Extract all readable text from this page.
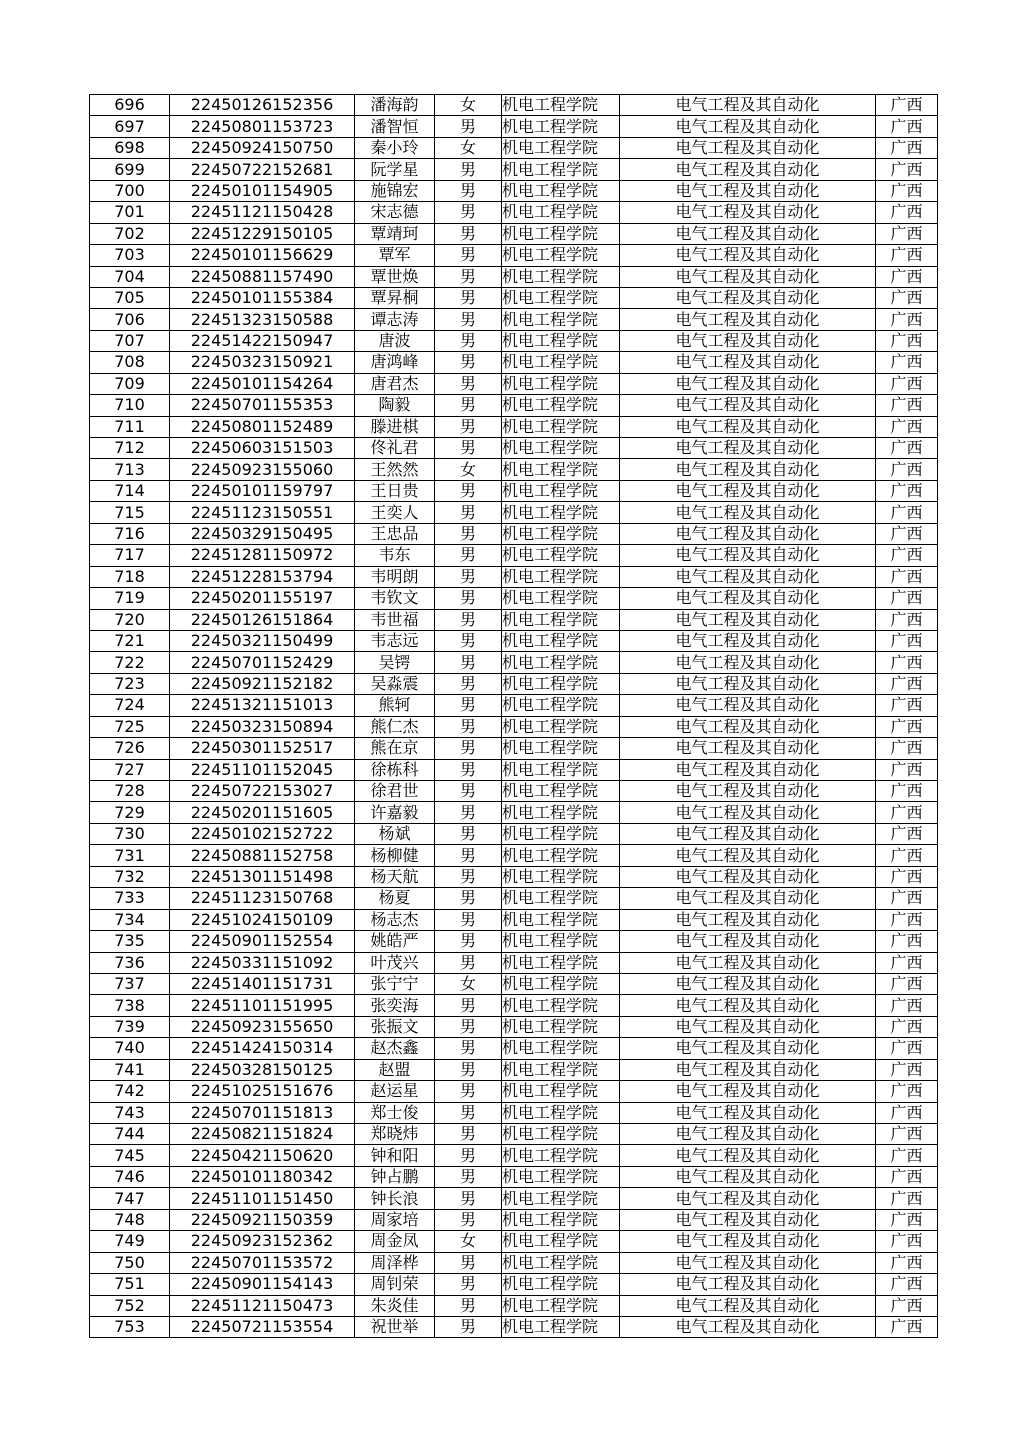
696	22450126152356	潘海韵	女	机电工程学院	电气工程及其自动化	广西
697	22450801153723	潘智恒	男	机电工程学院	电气工程及其自动化	广西
698	22450924150750	秦小玲	女	机电工程学院	电气工程及其自动化	广西
699	22450722152681	阮学星	男	机电工程学院	电气工程及其自动化	广西
700	22450101154905	施锦宏	男	机电工程学院	电气工程及其自动化	广西
701	22451121150428	宋志德	男	机电工程学院	电气工程及其自动化	广西
702	22451229150105	覃靖珂	男	机电工程学院	电气工程及其自动化	广西
703	22450101156629	覃军	男	机电工程学院	电气工程及其自动化	广西
704	22450881157490	覃世焕	男	机电工程学院	电气工程及其自动化	广西
705	22450101155384	覃昇桐	男	机电工程学院	电气工程及其自动化	广西
706	22451323150588	谭志涛	男	机电工程学院	电气工程及其自动化	广西
707	22451422150947	唐波	男	机电工程学院	电气工程及其自动化	广西
708	22450323150921	唐鸿峰	男	机电工程学院	电气工程及其自动化	广西
709	22450101154264	唐君杰	男	机电工程学院	电气工程及其自动化	广西
710	22450701155353	陶毅	男	机电工程学院	电气工程及其自动化	广西
711	22450801152489	滕进棋	男	机电工程学院	电气工程及其自动化	广西
712	22450603151503	佟礼君	男	机电工程学院	电气工程及其自动化	广西
713	22450923155060	王然然	女	机电工程学院	电气工程及其自动化	广西
714	22450101159797	王日贵	男	机电工程学院	电气工程及其自动化	广西
715	22451123150551	王奕人	男	机电工程学院	电气工程及其自动化	广西
716	22450329150495	王忠品	男	机电工程学院	电气工程及其自动化	广西
717	22451281150972	韦东	男	机电工程学院	电气工程及其自动化	广西
718	22451228153794	韦明朗	男	机电工程学院	电气工程及其自动化	广西
719	22450201155197	韦钦文	男	机电工程学院	电气工程及其自动化	广西
720	22450126151864	韦世福	男	机电工程学院	电气工程及其自动化	广西
721	22450321150499	韦志远	男	机电工程学院	电气工程及其自动化	广西
722	22450701152429	吴锷	男	机电工程学院	电气工程及其自动化	广西
723	22450921152182	吴淼震	男	机电工程学院	电气工程及其自动化	广西
724	22451321151013	熊轲	男	机电工程学院	电气工程及其自动化	广西
725	22450323150894	熊仁杰	男	机电工程学院	电气工程及其自动化	广西
726	22450301152517	熊在京	男	机电工程学院	电气工程及其自动化	广西
727	22451101152045	徐栋科	男	机电工程学院	电气工程及其自动化	广西
728	22450722153027	徐君世	男	机电工程学院	电气工程及其自动化	广西
729	22450201151605	许嘉毅	男	机电工程学院	电气工程及其自动化	广西
730	22450102152722	杨斌	男	机电工程学院	电气工程及其自动化	广西
731	22450881152758	杨柳健	男	机电工程学院	电气工程及其自动化	广西
732	22451301151498	杨天航	男	机电工程学院	电气工程及其自动化	广西
733	22451123150768	杨夏	男	机电工程学院	电气工程及其自动化	广西
734	22451024150109	杨志杰	男	机电工程学院	电气工程及其自动化	广西
735	22450901152554	姚皓严	男	机电工程学院	电气工程及其自动化	广西
736	22450331151092	叶茂兴	男	机电工程学院	电气工程及其自动化	广西
737	22451401151731	张宁宁	女	机电工程学院	电气工程及其自动化	广西
738	22451101151995	张奕海	男	机电工程学院	电气工程及其自动化	广西
739	22450923155650	张振文	男	机电工程学院	电气工程及其自动化	广西
740	22451424150314	赵杰鑫	男	机电工程学院	电气工程及其自动化	广西
741	22450328150125	赵盟	男	机电工程学院	电气工程及其自动化	广西
742	22451025151676	赵运星	男	机电工程学院	电气工程及其自动化	广西
743	22450701151813	郑士俊	男	机电工程学院	电气工程及其自动化	广西
744	22450821151824	郑晓炜	男	机电工程学院	电气工程及其自动化	广西
745	22450421150620	钟和阳	男	机电工程学院	电气工程及其自动化	广西
746	22450101180342	钟占鹏	男	机电工程学院	电气工程及其自动化	广西
747	22451101151450	钟长浪	男	机电工程学院	电气工程及其自动化	广西
748	22450921150359	周家培	男	机电工程学院	电气工程及其自动化	广西
749	22450923152362	周金凤	女	机电工程学院	电气工程及其自动化	广西
750	22450701153572	周泽桦	男	机电工程学院	电气工程及其自动化	广西
751	22450901154143	周钊荣	男	机电工程学院	电气工程及其自动化	广西
752	22451121150473	朱炎佳	男	机电工程学院	电气工程及其自动化	广西
753	22450721153554	祝世举	男	机电工程学院	电气工程及其自动化	广西
